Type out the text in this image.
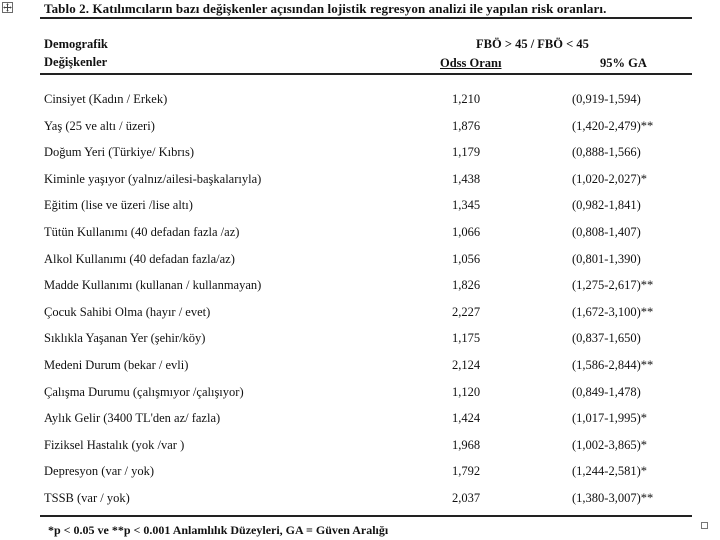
Tablo 2. Katılımcıların bazı değişkenler açısından lojistik regresyon analizi ile yapılan risk oranları.
Demografik
Değişkenler
FBÖ > 45 / FBÖ < 45
Odss Oranı	95% GA
Cinsiyet (Kadın / Erkek)	1,210	(0,919-1,594)
Yaş (25 ve altı / üzeri)	1,876	(1,420-2,479)**
Doğum Yeri (Türkiye/ Kıbrıs)	1,179	(0,888-1,566)
Kiminle yaşıyor (yalnız/ailesi-başkalarıyla)	1,438	(1,020-2,027)*
Eğitim (lise ve üzeri /lise altı)	1,345	(0,982-1,841)
Tütün Kullanımı (40 defadan fazla /az)	1,066	(0,808-1,407)
Alkol Kullanımı (40 defadan fazla/az)	1,056	(0,801-1,390)
Madde Kullanımı (kullanan / kullanmayan)	1,826	(1,275-2,617)**
Çocuk Sahibi Olma (hayır / evet)	2,227	(1,672-3,100)**
Sıklıkla Yaşanan Yer (şehir/köy)	1,175	(0,837-1,650)
Medeni Durum (bekar / evli)	2,124	(1,586-2,844)**
Çalışma Durumu (çalışmıyor /çalışıyor)	1,120	(0,849-1,478)
Aylık Gelir (3400 TL'den az/ fazla)	1,424	(1,017-1,995)*
Fiziksel Hastalık (yok /var )	1,968	(1,002-3,865)*
Depresyon (var / yok)	1,792	(1,244-2,581)*
TSSB (var / yok)	2,037	(1,380-3,007)**
*p < 0.05 ve **p < 0.001 Anlamlılık Düzeyleri, GA = Güven Aralığı
